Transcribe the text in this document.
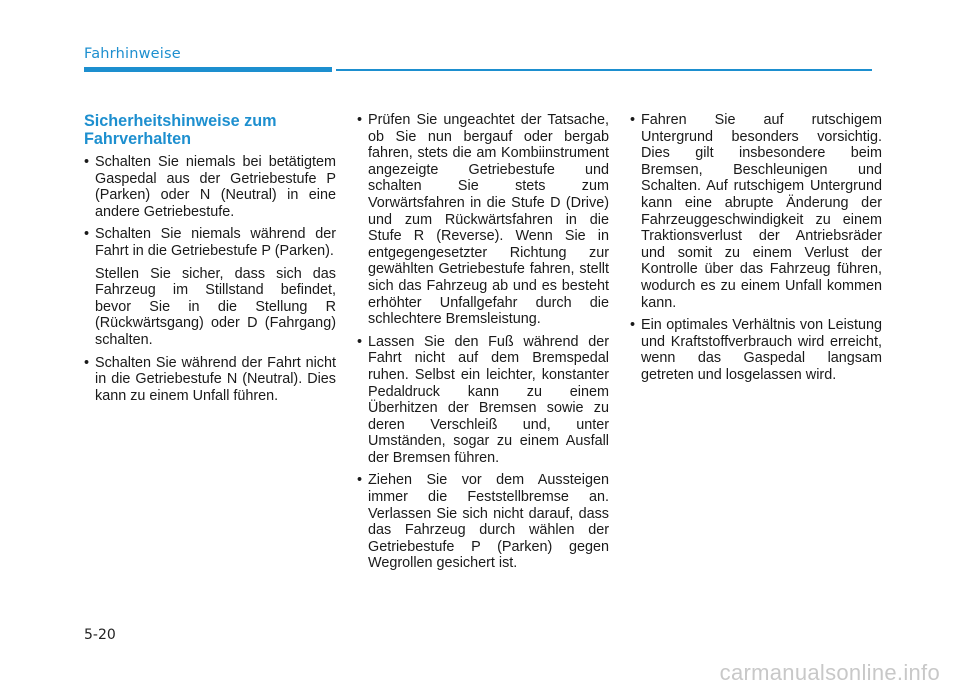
Fahrhinweise
Sicherheitshinweise zum Fahrverhalten
• Schalten Sie niemals bei betätigtem Gaspedal aus der Getriebestufe P (Parken) oder N (Neutral) in eine andere Getriebestufe.
• Schalten Sie niemals während der Fahrt in die Getriebestufe P (Parken).
Stellen Sie sicher, dass sich das Fahrzeug im Stillstand befindet, bevor Sie in die Stellung R (Rückwärtsgang) oder D (Fahrgang) schalten.
• Schalten Sie während der Fahrt nicht in die Getriebestufe N (Neutral). Dies kann zu einem Unfall führen.
• Prüfen Sie ungeachtet der Tatsache, ob Sie nun bergauf oder bergab fahren, stets die am Kombiinstrument angezeigte Getriebestufe und schalten Sie stets zum Vorwärtsfahren in die Stufe D (Drive) und zum Rückwärtsfahren in die Stufe R (Reverse). Wenn Sie in entgegengesetzter Richtung zur gewählten Getriebestufe fahren, stellt sich das Fahrzeug ab und es besteht erhöhter Unfallgefahr durch die schlechtere Bremsleistung.
• Lassen Sie den Fuß während der Fahrt nicht auf dem Bremspedal ruhen. Selbst ein leichter, konstanter Pedaldruck kann zu einem Überhitzen der Bremsen sowie zu deren Verschleiß und, unter Umständen, sogar zu einem Ausfall der Bremsen führen.
• Ziehen Sie vor dem Aussteigen immer die Feststellbremse an. Verlassen Sie sich nicht darauf, dass das Fahrzeug durch wählen der Getriebestufe P (Parken) gegen Wegrollen gesichert ist.
• Fahren Sie auf rutschigem Untergrund besonders vorsichtig. Dies gilt insbesondere beim Bremsen, Beschleunigen und Schalten. Auf rutschigem Untergrund kann eine abrupte Änderung der Fahrzeuggeschwindigkeit zu einem Traktionsverlust der Antriebsräder und somit zu einem Verlust der Kontrolle über das Fahrzeug führen, wodurch es zu einem Unfall kommen kann.
• Ein optimales Verhältnis von Leistung und Kraftstoffverbrauch wird erreicht, wenn das Gaspedal langsam getreten und losgelassen wird.
5-20
carmanualsonline.info
